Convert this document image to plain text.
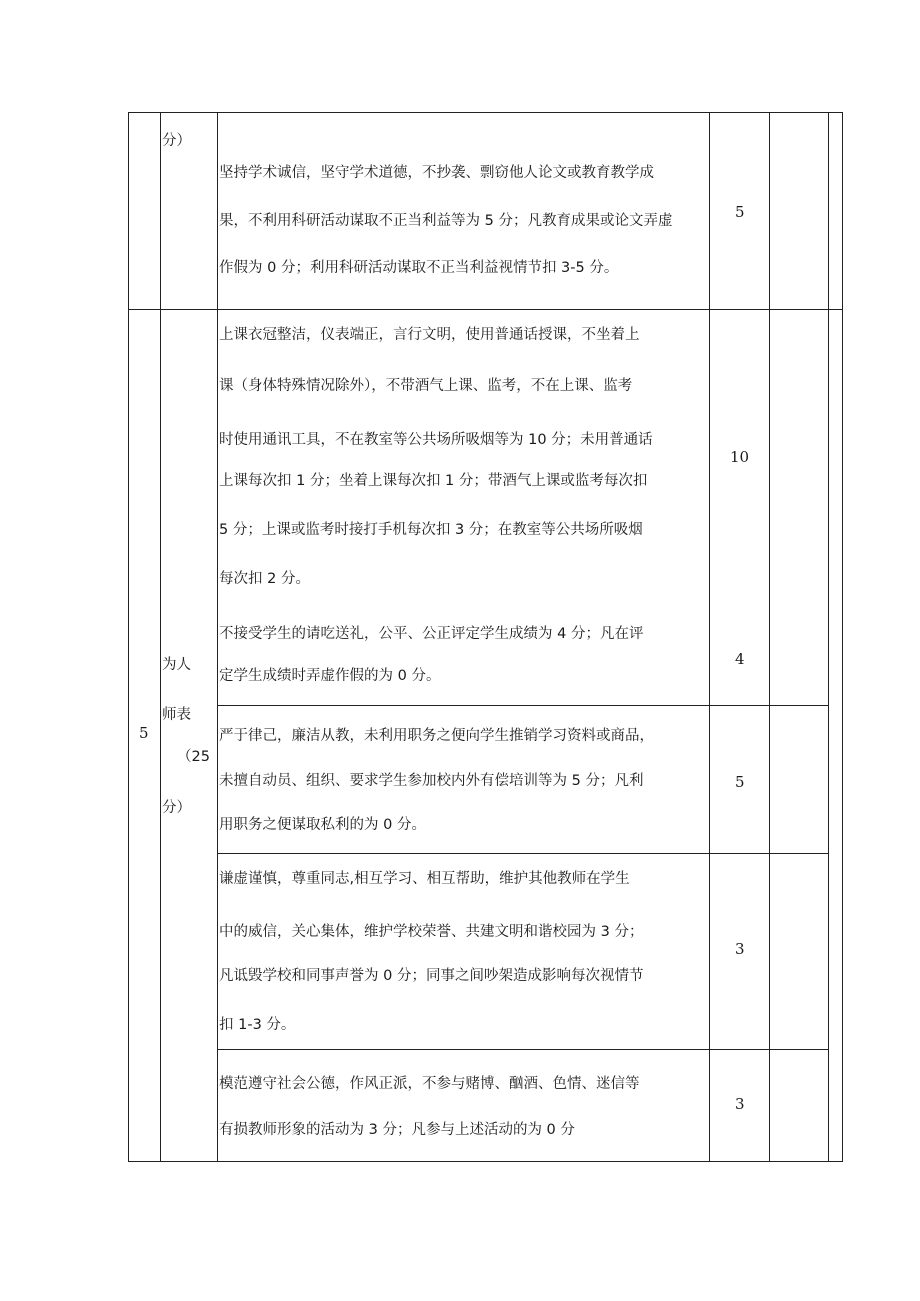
分）
坚持学术诚信，坚守学术道德，不抄袭、剽窃他人论文或教育教学成
果，不利用科研活动谋取不正当利益等为 5 分；凡教育成果或论文弄虚
作假为 0 分；利用科研活动谋取不正当利益视情节扣 3-5 分。
5
5
为人
师表
（25
分）
上课衣冠整洁，仪表端正，言行文明，使用普通话授课，不坐着上
课（身体特殊情况除外），不带酒气上课、监考，不在上课、监考
时使用通讯工具，不在教室等公共场所吸烟等为 10 分；未用普通话
上课每次扣 1 分；坐着上课每次扣 1 分；带酒气上课或监考每次扣
5 分；上课或监考时接打手机每次扣 3 分；在教室等公共场所吸烟
每次扣 2 分。
10
不接受学生的请吃送礼，公平、公正评定学生成绩为 4 分；凡在评
定学生成绩时弄虚作假的为 0 分。
4
严于律己，廉洁从教，未利用职务之便向学生推销学习资料或商品，
未擅自动员、组织、要求学生参加校内外有偿培训等为 5 分；凡利
用职务之便谋取私利的为 0 分。
5
谦虚谨慎，尊重同志,相互学习、相互帮助，维护其他教师在学生
中的威信，关心集体，维护学校荣誉、共建文明和谐校园为 3 分；
凡诋毁学校和同事声誉为 0 分；同事之间吵架造成影响每次视情节
扣 1-3 分。
3
模范遵守社会公德，作风正派，不参与赌博、酗酒、色情、迷信等
有损教师形象的活动为 3 分；凡参与上述活动的为 0 分
3
